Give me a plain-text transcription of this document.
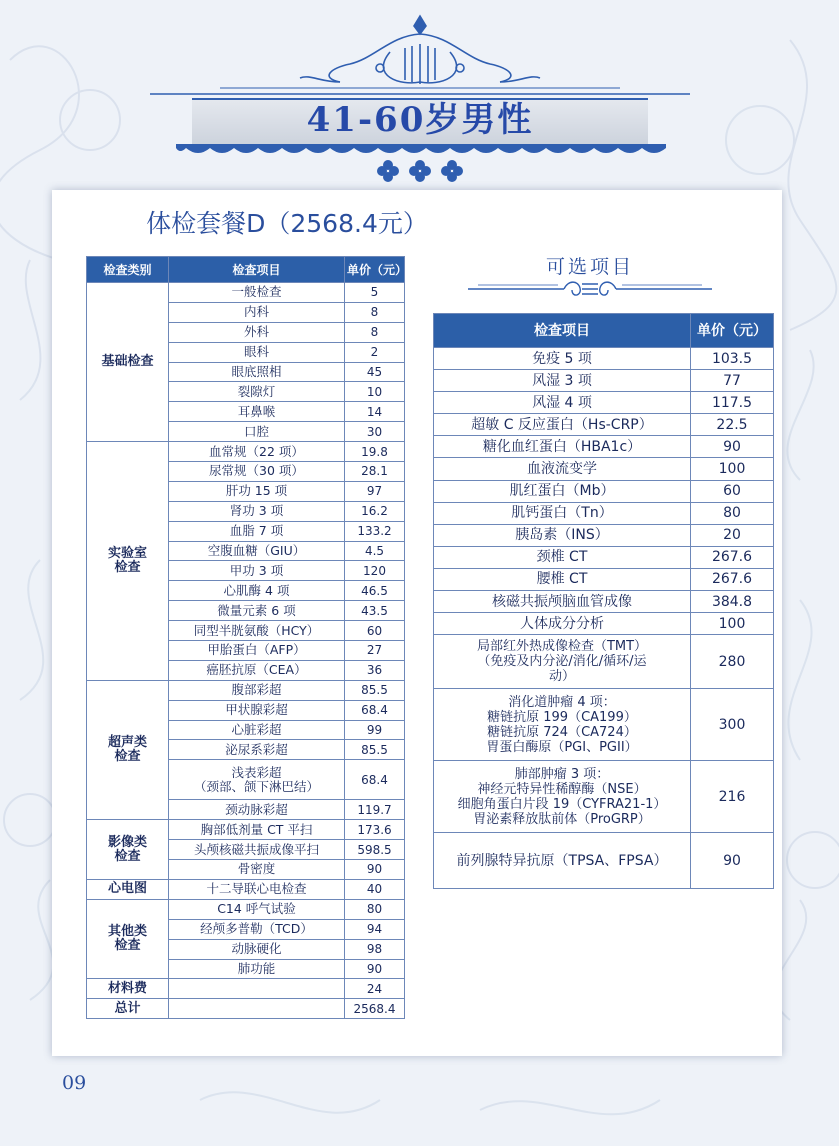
41-60岁男性
体检套餐D（2568.4元）
检查类别	检查项目	单价（元）
基础检查	一般检查	5
	内科	8
	外科	8
	眼科	2
	眼底照相	45
	裂隙灯	10
	耳鼻喉	14
	口腔	30

实验室
检查	血常规（22 项）	19.8
	尿常规（30 项）	28.1
	肝功 15 项	97
	肾功 3 项	16.2
	血脂 7 项	133.2
	空腹血糖（GIU）	4.5
	甲功 3 项	120
	心肌酶 4 项	46.5
	微量元素 6 项	43.5
	同型半胱氨酸（HCY）	60
	甲胎蛋白（AFP）	27
	癌胚抗原（CEA）	36

超声类
检查	腹部彩超	85.5
	甲状腺彩超	68.4
	心脏彩超	99
	泌尿系彩超	85.5

	浅表彩超
（颈部、颌下淋巴结）	68.4
	颈动脉彩超	119.7

影像类
检查	胸部低剂量 CT 平扫	173.6
	头颅核磁共振成像平扫	598.5
	骨密度	90
心电图	十二导联心电检查	40

其他类
检查	C14 呼气试验	80
	经颅多普勒（TCD）	94
	动脉硬化	98
	肺功能	90
材料费		24
总计		2568.4
可选项目
检查项目	单价（元）
免疫 5 项	103.5
风湿 3 项	77
风湿 4 项	117.5
超敏 C 反应蛋白（Hs-CRP）	22.5
糖化血红蛋白（HBA1c）	90
血液流变学	100
肌红蛋白（Mb）	60
肌钙蛋白（Tn）	80
胰岛素（INS）	20
颈椎 CT	267.6
腰椎 CT	267.6
核磁共振颅脑血管成像	384.8
人体成分分析	100

局部红外热成像检查（TMT）
（免疫及内分泌/消化/循环/运
动）	280

消化道肿瘤 4 项：
糖链抗原 199（CA199）
糖链抗原 724（CA724）
胃蛋白酶原（PGI、PGII）	300

肺部肿瘤 3 项：
神经元特异性稀醇酶（NSE）
细胞角蛋白片段 19（CYFRA21-1）
胃泌素释放肽前体（ProGRP）	216
前列腺特异抗原（TPSA、FPSA）	90
09
